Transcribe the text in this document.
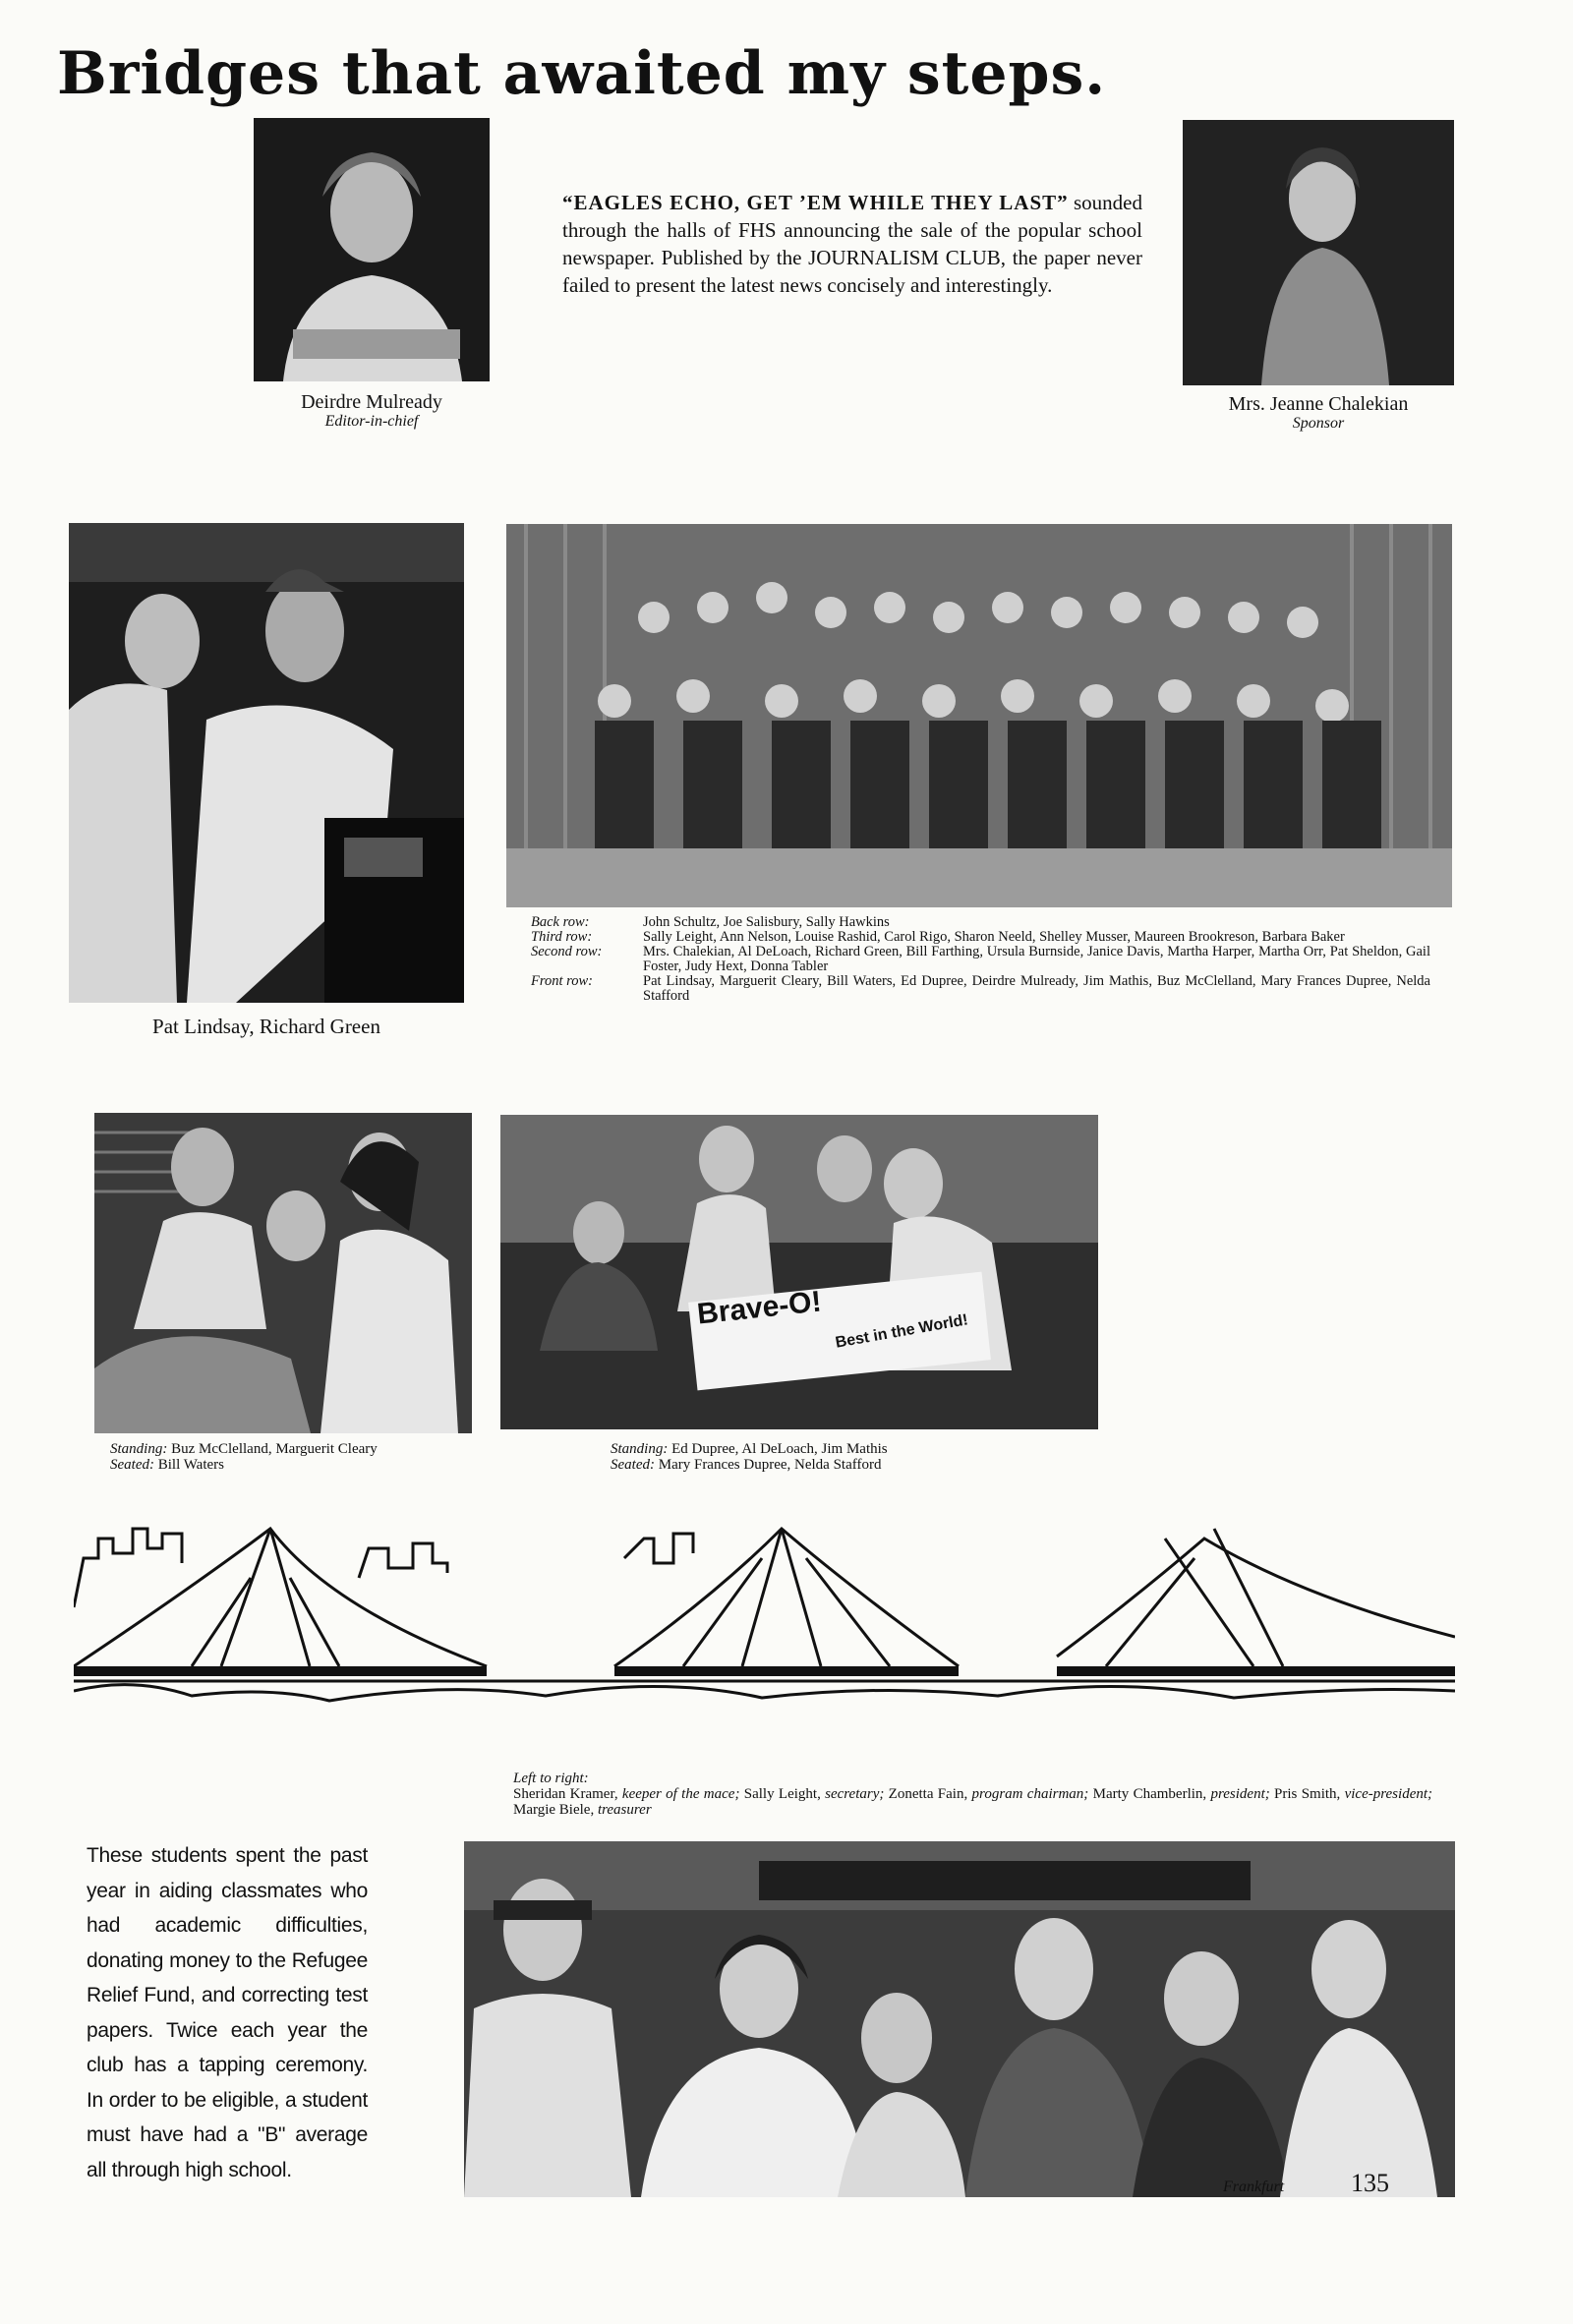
Bridges that awaited my steps.
Deirdre Mulready
Editor-in-chief
“EAGLES ECHO, GET ’EM WHILE THEY LAST” sounded through the halls of FHS announcing the sale of the popular school newspaper. Published by the JOURNALISM CLUB, the paper never failed to present the latest news concisely and interestingly.
Mrs. Jeanne Chalekian
Sponsor
Pat Lindsay, Richard Green
Back row:	John Schultz, Joe Salisbury, Sally Hawkins
Third row:	Sally Leight, Ann Nelson, Louise Rashid, Carol Rigo, Sharon Neeld, Shelley Musser, Maureen Brookreson, Barbara Baker
Second row:	Mrs. Chalekian, Al DeLoach, Richard Green, Bill Farthing, Ursula Burnside, Janice Davis, Martha Harper, Martha Orr, Pat Sheldon, Gail Foster, Judy Hext, Donna Tabler
Front row:	Pat Lindsay, Marguerit Cleary, Bill Waters, Ed Dupree, Deirdre Mulready, Jim Mathis, Buz McClelland, Mary Frances Dupree, Nelda Stafford
Standing: Buz McClelland, Marguerit Cleary
Seated: Bill Waters
Brave-O!
Best in the World!
Standing: Ed Dupree, Al DeLoach, Jim Mathis
Seated: Mary Frances Dupree, Nelda Stafford
Left to right:
Sheridan Kramer, keeper of the mace; Sally Leight, secretary; Zonetta Fain, program chairman; Marty Chamberlin, president; Pris Smith, vice-president; Margie Biele, treasurer
These students spent the past year in aiding classmates who had academic difficulties, donating money to the Refugee Relief Fund, and correcting test papers. Twice each year the club has a tapping ceremony. In order to be eligible, a student must have had a "B" average all through high school.
Frankfurt	135
